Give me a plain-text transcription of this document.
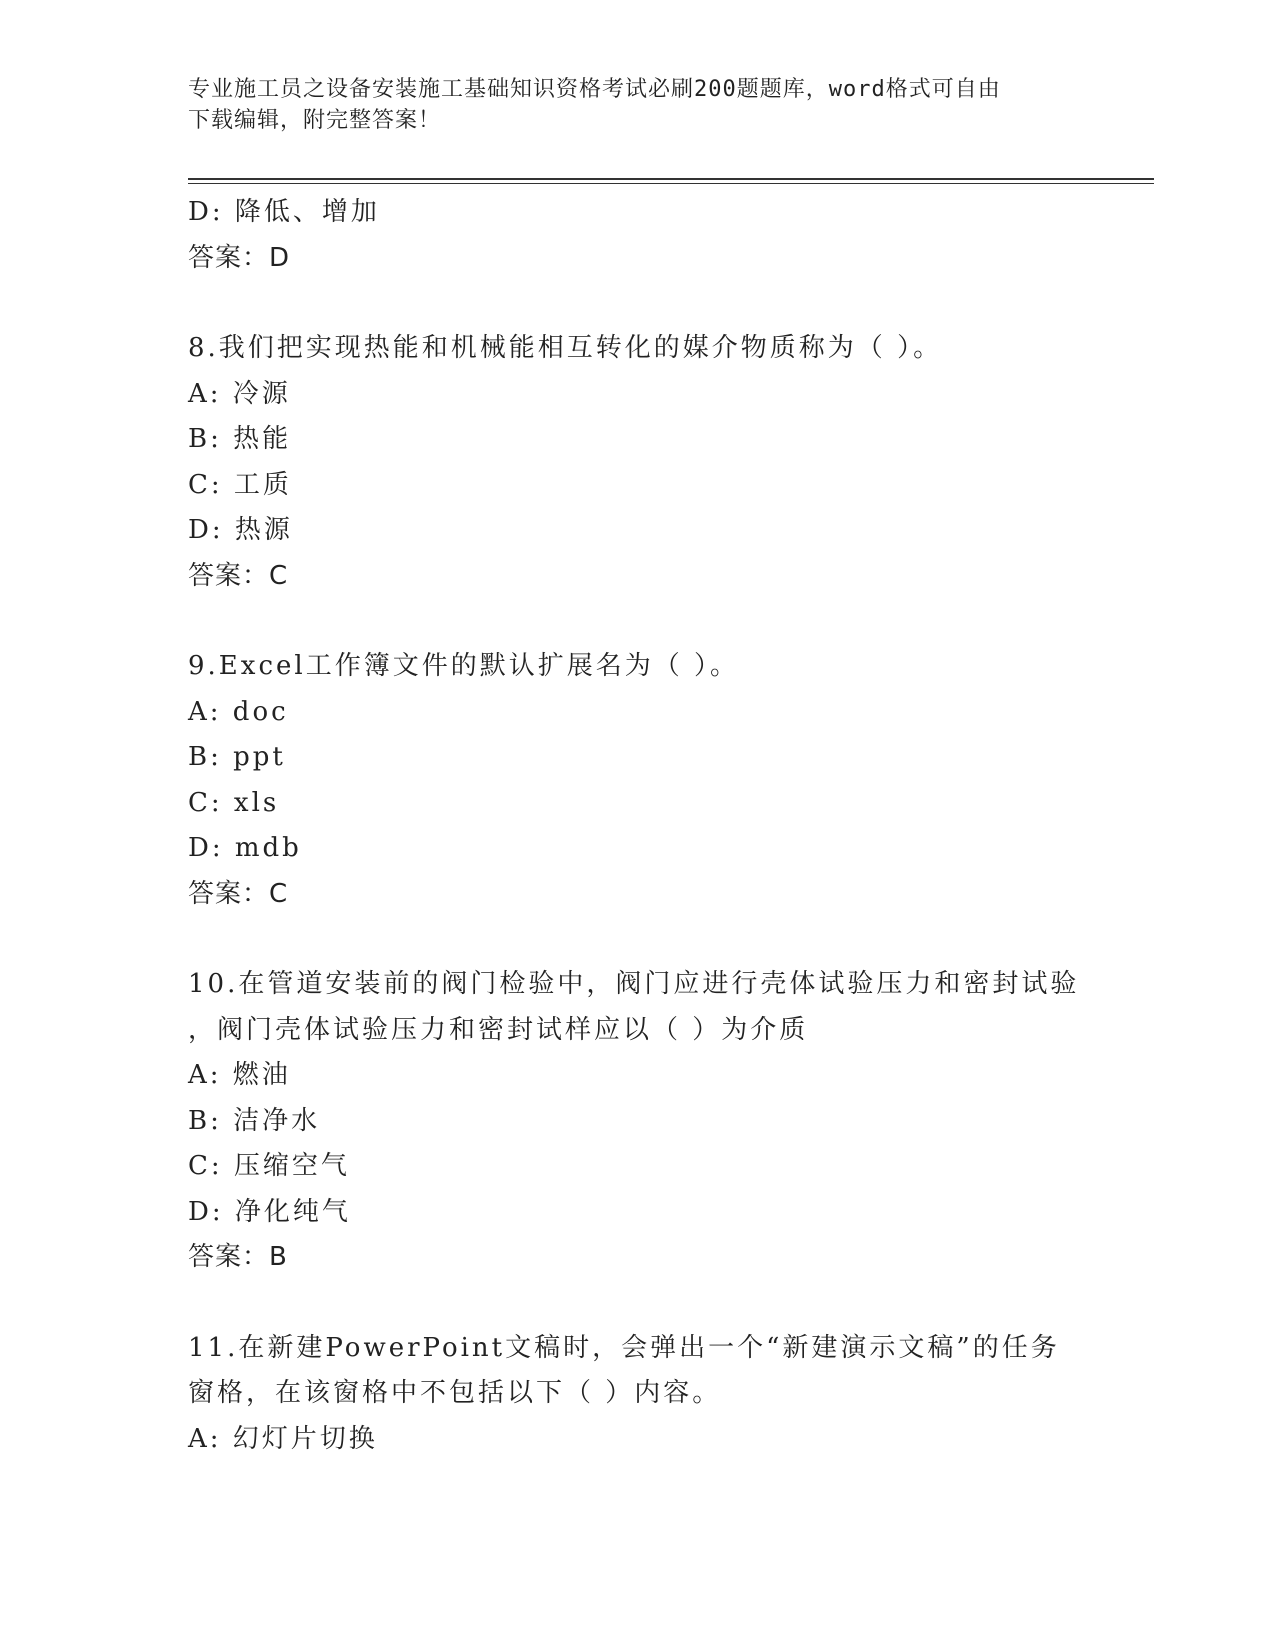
专业施工员之设备安装施工基础知识资格考试必刷200题题库，word格式可自由
下载编辑，附完整答案！
D: 降低、增加
答案：D
8.我们把实现热能和机械能相互转化的媒介物质称为（ ）。
A: 冷源
B: 热能
C: 工质
D: 热源
答案：C
9.Excel工作簿文件的默认扩展名为（ ）。
A: doc
B: ppt
C: xls
D: mdb
答案：C
10.在管道安装前的阀门检验中，阀门应进行壳体试验压力和密封试验
，阀门壳体试验压力和密封试样应以（ ）为介质
A: 燃油
B: 洁净水
C: 压缩空气
D: 净化纯气
答案：B
11.在新建PowerPoint文稿时，会弹出一个“新建演示文稿”的任务
窗格，在该窗格中不包括以下（ ）内容。
A: 幻灯片切换
